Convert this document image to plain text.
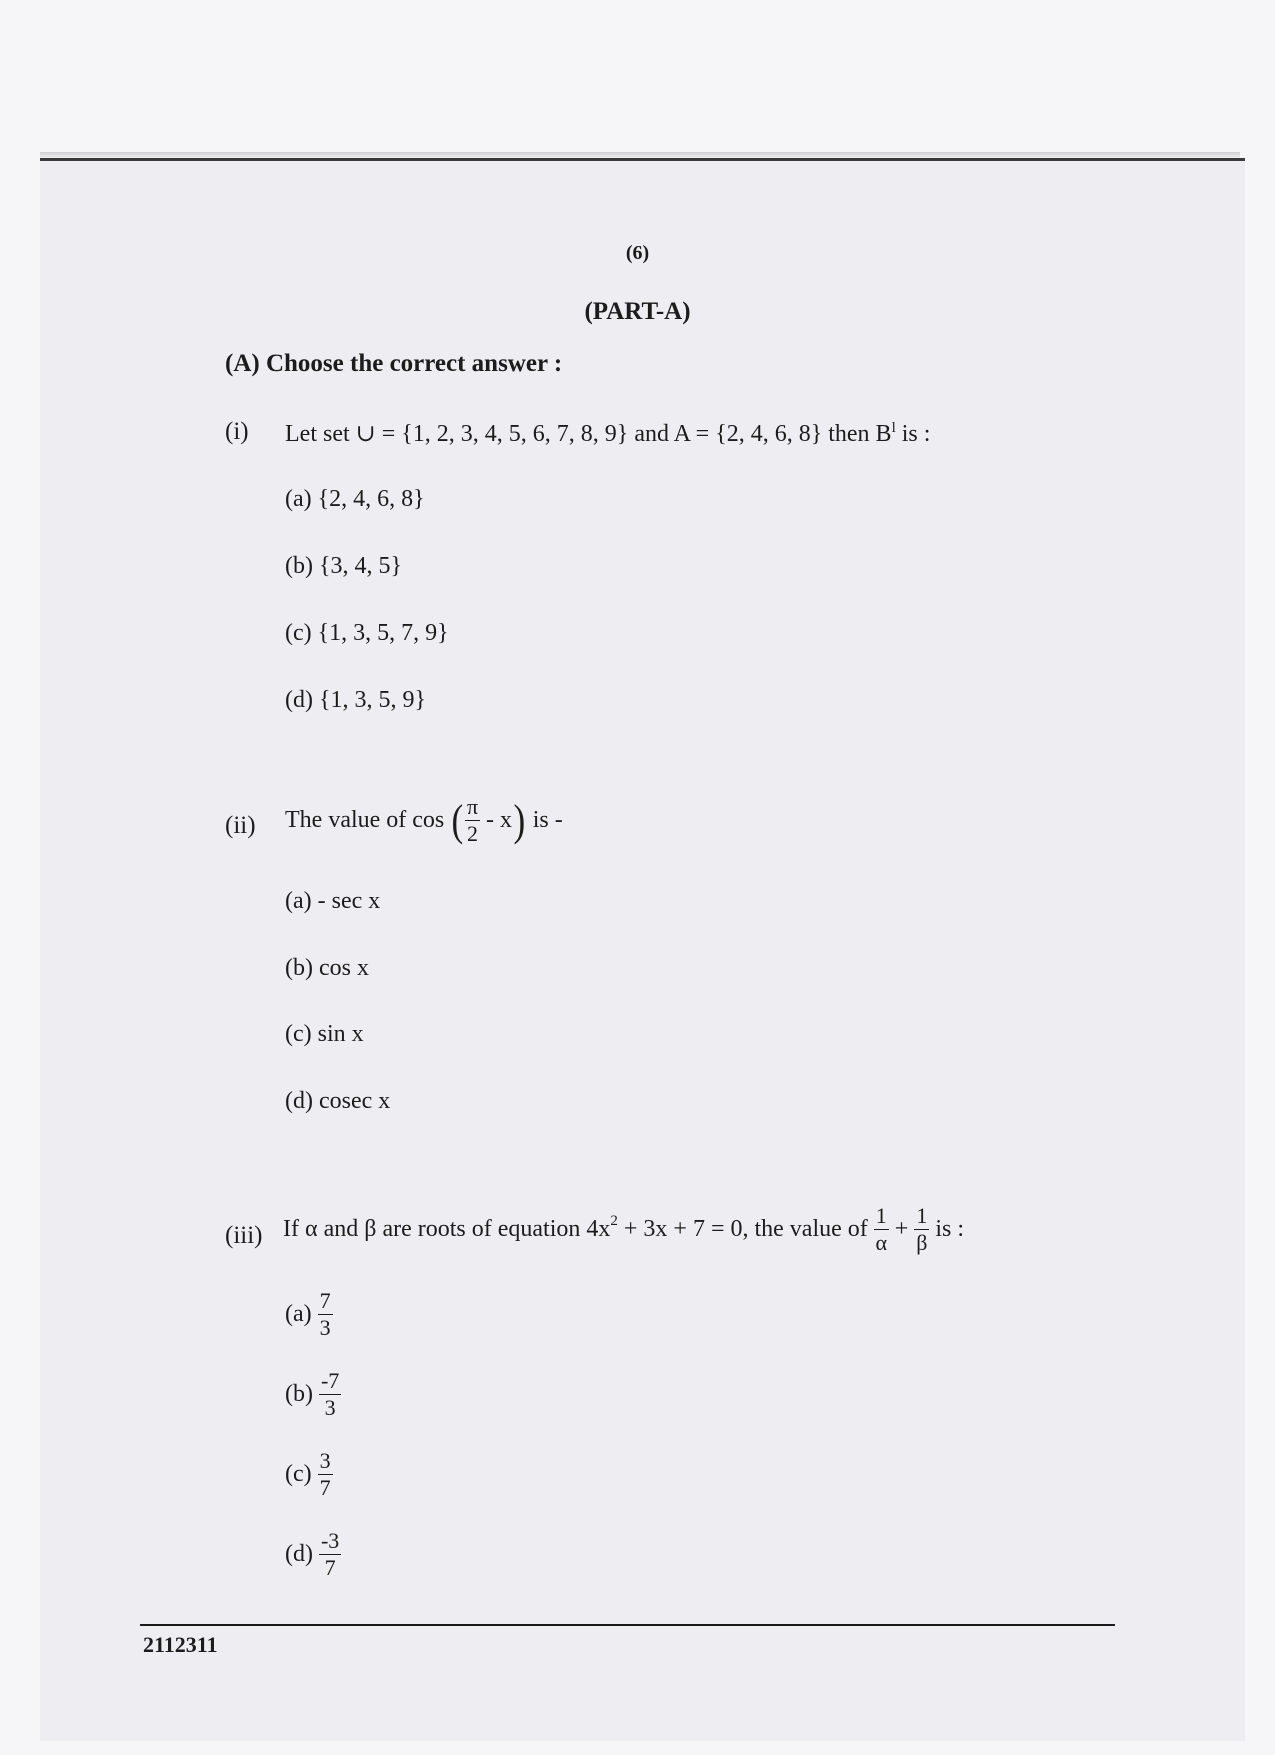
(6)
(PART-A)
(A) Choose the correct answer :
(i) Let set ∪ = {1, 2, 3, 4, 5, 6, 7, 8, 9} and A = {2, 4, 6, 8} then $B^l$ is :
(a) {2, 4, 6, 8}
(b) {3, 4, 5}
(c) {1, 3, 5, 7, 9}
(d) {1, 3, 5, 9}
(ii) The value of cos ( $\frac{\pi}{2} - x$) is -
(a) - sec x
(b) cos x
(c) sin x
(d) cosec x
(iii) If α and β are roots of equation $4x^2 + 3x + 7 = 0$, the value of $\frac{1}{\alpha} + \frac{1}{\beta}$ is :
$(a) \frac{7}{3}$
$(b) \frac{-7}{3}$
$(c) \frac{3}{7}$
$(d) \frac{-3}{7}$
2112311
